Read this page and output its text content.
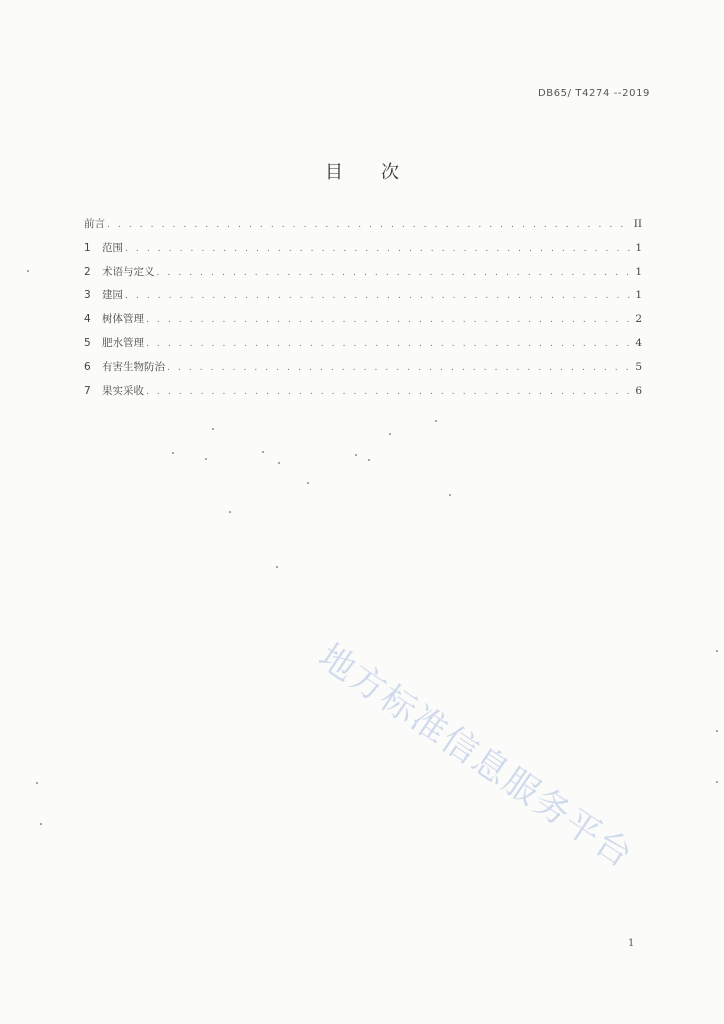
DB65/ T4274 --2019
目 次
前言 . . .	II
1	范围 . . .	1
2	术语与定义 . . .	1
3	建园 . . .	1
4	树体管理 . . .	2
5	肥水管理 . . .	4
6	有害生物防治 . . .	5
7	果实采收 . . .	6
地方标准信息服务平台
1
